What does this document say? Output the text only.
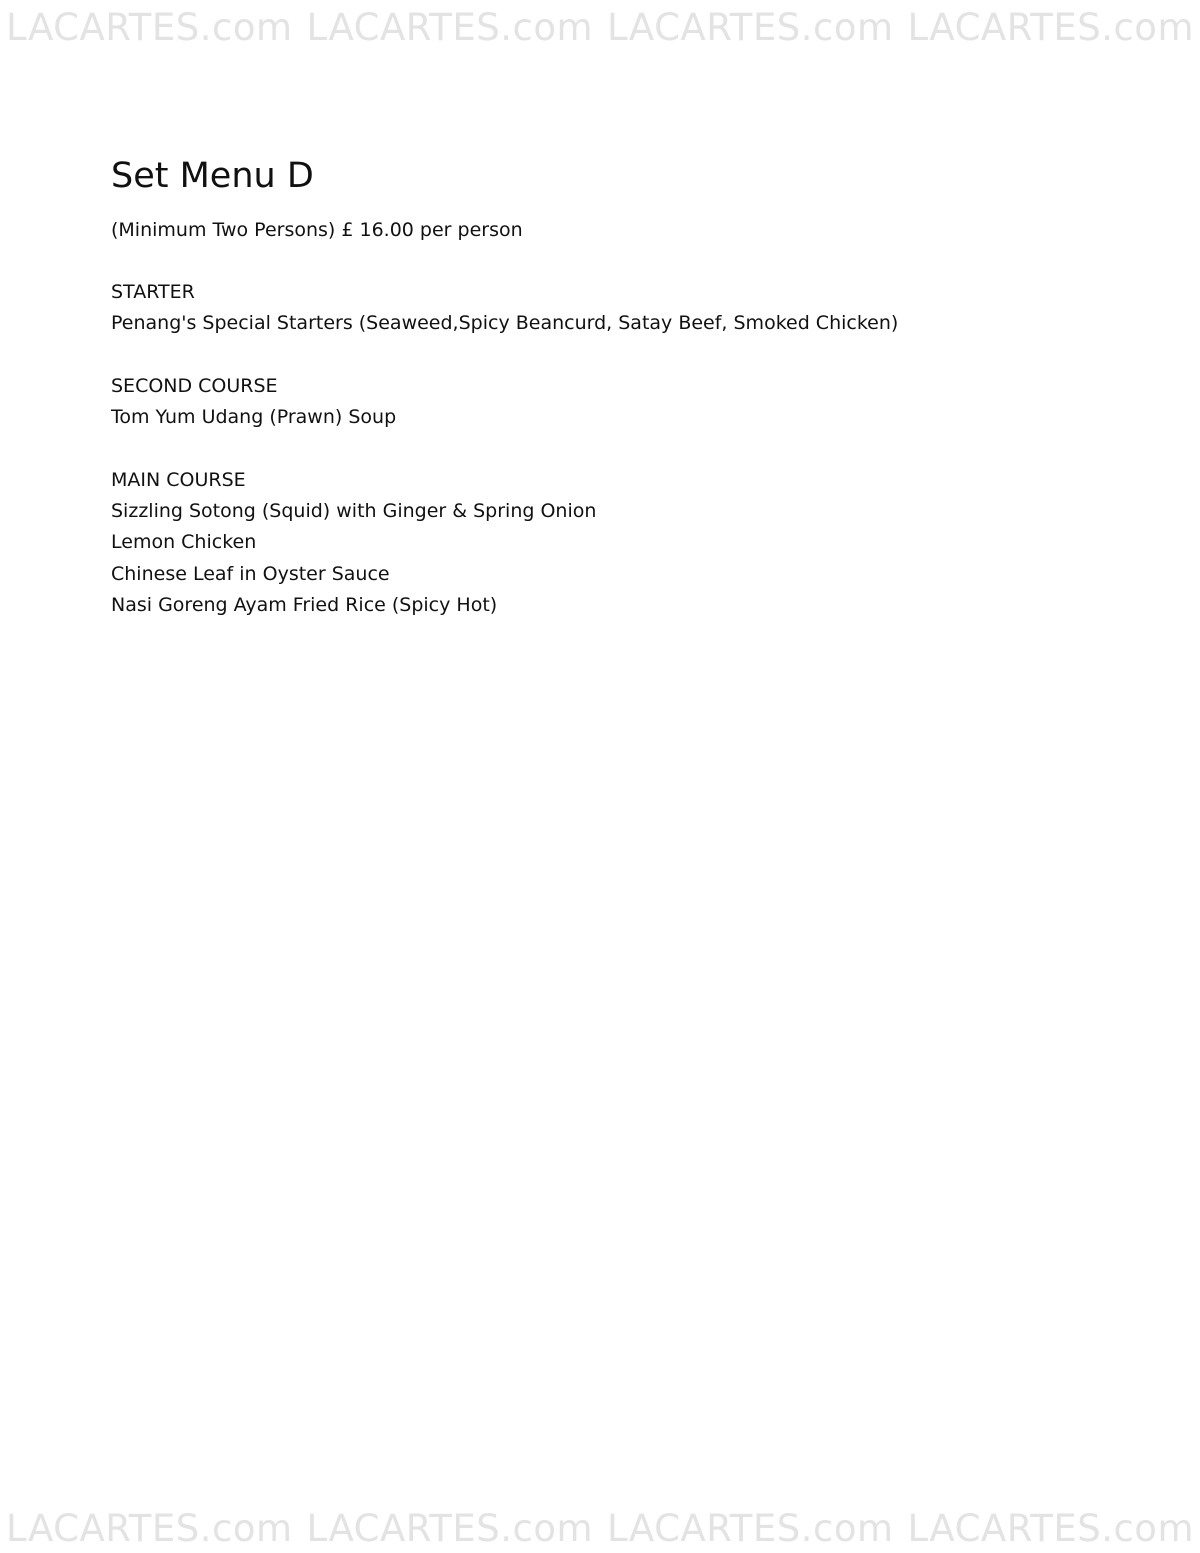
LACARTES.com LACARTES.com LACARTES.com LACARTES.com
Set Menu D

(Minimum Two Persons) £ 16.00 per person

STARTER

Penang's Special Starters (Seaweed,Spicy Beancurd, Satay Beef, Smoked Chicken)

SECOND COURSE

Tom Yum Udang (Prawn) Soup

MAIN COURSE

Sizzling Sotong (Squid) with Ginger & Spring Onion

Lemon Chicken

Chinese Leaf in Oyster Sauce

Nasi Goreng Ayam Fried Rice (Spicy Hot)

LACARTES.com LACARTES.com LACARTES.com LACARTES.com
